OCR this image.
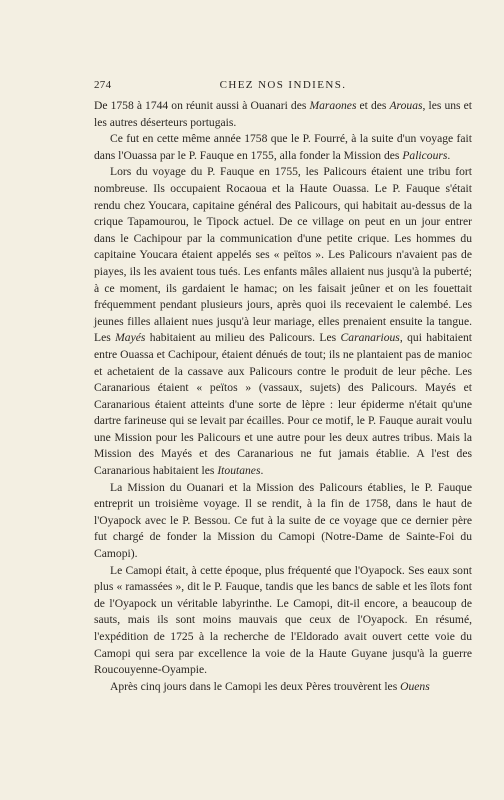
274	CHEZ NOS INDIENS.

De 1758 à 1744 on réunit aussi à Ouanari des Maraones et des Arouas, les uns et les autres déserteurs portugais.

Ce fut en cette même année 1758 que le P. Fourré, à la suite d'un voyage fait dans l'Ouassa par le P. Fauque en 1755, alla fonder la Mission des Palicours.

Lors du voyage du P. Fauque en 1755, les Palicours étaient une tribu fort nombreuse. Ils occupaient Rocaoua et la Haute Ouassa. Le P. Fauque s'était rendu chez Youcara, capitaine général des Palicours, qui habitait au-dessus de la crique Tapamourou, le Tipock actuel. De ce village on peut en un jour entrer dans le Cachipour par la communication d'une petite crique. Les hommes du capitaine Youcara étaient appelés ses « peïtos ». Les Palicours n'avaient pas de piayes, ils les avaient tous tués. Les enfants mâles allaient nus jusqu'à la puberté; à ce moment, ils gardaient le hamac; on les faisait jeûner et on les fouettait fréquemment pendant plusieurs jours, après quoi ils recevaient le calembé. Les jeunes filles allaient nues jusqu'à leur mariage, elles prenaient ensuite la tangue. Les Mayés habitaient au milieu des Palicours. Les Caranarious, qui habitaient entre Ouassa et Cachipour, étaient dénués de tout; ils ne plantaient pas de manioc et achetaient de la cassave aux Palicours contre le produit de leur pêche. Les Caranarious étaient « peïtos » (vassaux, sujets) des Palicours. Mayés et Caranarious étaient atteints d'une sorte de lèpre : leur épiderme n'était qu'une dartre farineuse qui se levait par écailles. Pour ce motif, le P. Fauque aurait voulu une Mission pour les Palicours et une autre pour les deux autres tribus. Mais la Mission des Mayés et des Caranarious ne fut jamais établie. A l'est des Caranarious habitaient les Itoutanes.

La Mission du Ouanari et la Mission des Palicours établies, le P. Fauque entreprit un troisième voyage. Il se rendit, à la fin de 1758, dans le haut de l'Oyapock avec le P. Bessou. Ce fut à la suite de ce voyage que ce dernier père fut chargé de fonder la Mission du Camopi (Notre-Dame de Sainte-Foi du Camopi).

Le Camopi était, à cette époque, plus fréquenté que l'Oyapock. Ses eaux sont plus « ramassées », dit le P. Fauque, tandis que les bancs de sable et les îlots font de l'Oyapock un véritable labyrinthe. Le Camopi, dit-il encore, a beaucoup de sauts, mais ils sont moins mauvais que ceux de l'Oyapock. En résumé, l'expédition de 1725 à la recherche de l'Eldorado avait ouvert cette voie du Camopi qui sera par excellence la voie de la Haute Guyane jusqu'à la guerre Roucouyenne-Oyampie.

Après cinq jours dans le Camopi les deux Pères trouvèrent les Ouens
